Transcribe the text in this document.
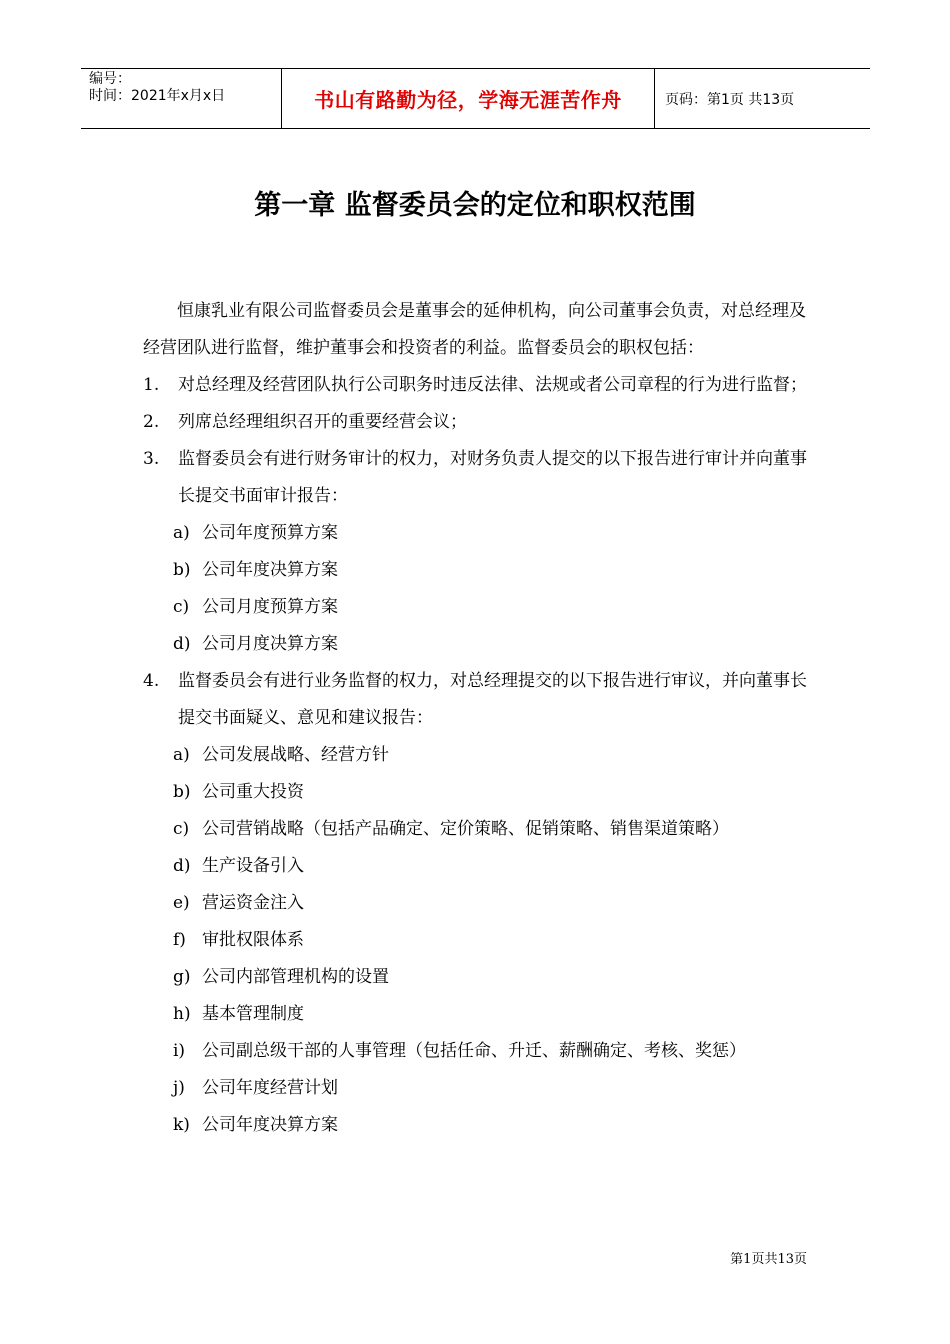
编号：
时间：2021年x月x日	书山有路勤为径，学海无涯苦作舟	页码：第1页 共13页
第一章 监督委员会的定位和职权范围

恒康乳业有限公司监督委员会是董事会的延伸机构，向公司董事会负责，对总经理及经营团队进行监督，维护董事会和投资者的利益。监督委员会的职权包括：

1. 对总经理及经营团队执行公司职务时违反法律、法规或者公司章程的行为进行监督；
2. 列席总经理组织召开的重要经营会议；
3. 监督委员会有进行财务审计的权力，对财务负责人提交的以下报告进行审计并向董事长提交书面审计报告：
a) 公司年度预算方案
b) 公司年度决算方案
c) 公司月度预算方案
d) 公司月度决算方案
4. 监督委员会有进行业务监督的权力，对总经理提交的以下报告进行审议，并向董事长提交书面疑义、意见和建议报告：
a) 公司发展战略、经营方针
b) 公司重大投资
c) 公司营销战略（包括产品确定、定价策略、促销策略、销售渠道策略）
d) 生产设备引入
e) 营运资金注入
f) 审批权限体系
g) 公司内部管理机构的设置
h) 基本管理制度
i) 公司副总级干部的人事管理（包括任命、升迁、薪酬确定、考核、奖惩）
j) 公司年度经营计划
k) 公司年度决算方案
第1页共13页
